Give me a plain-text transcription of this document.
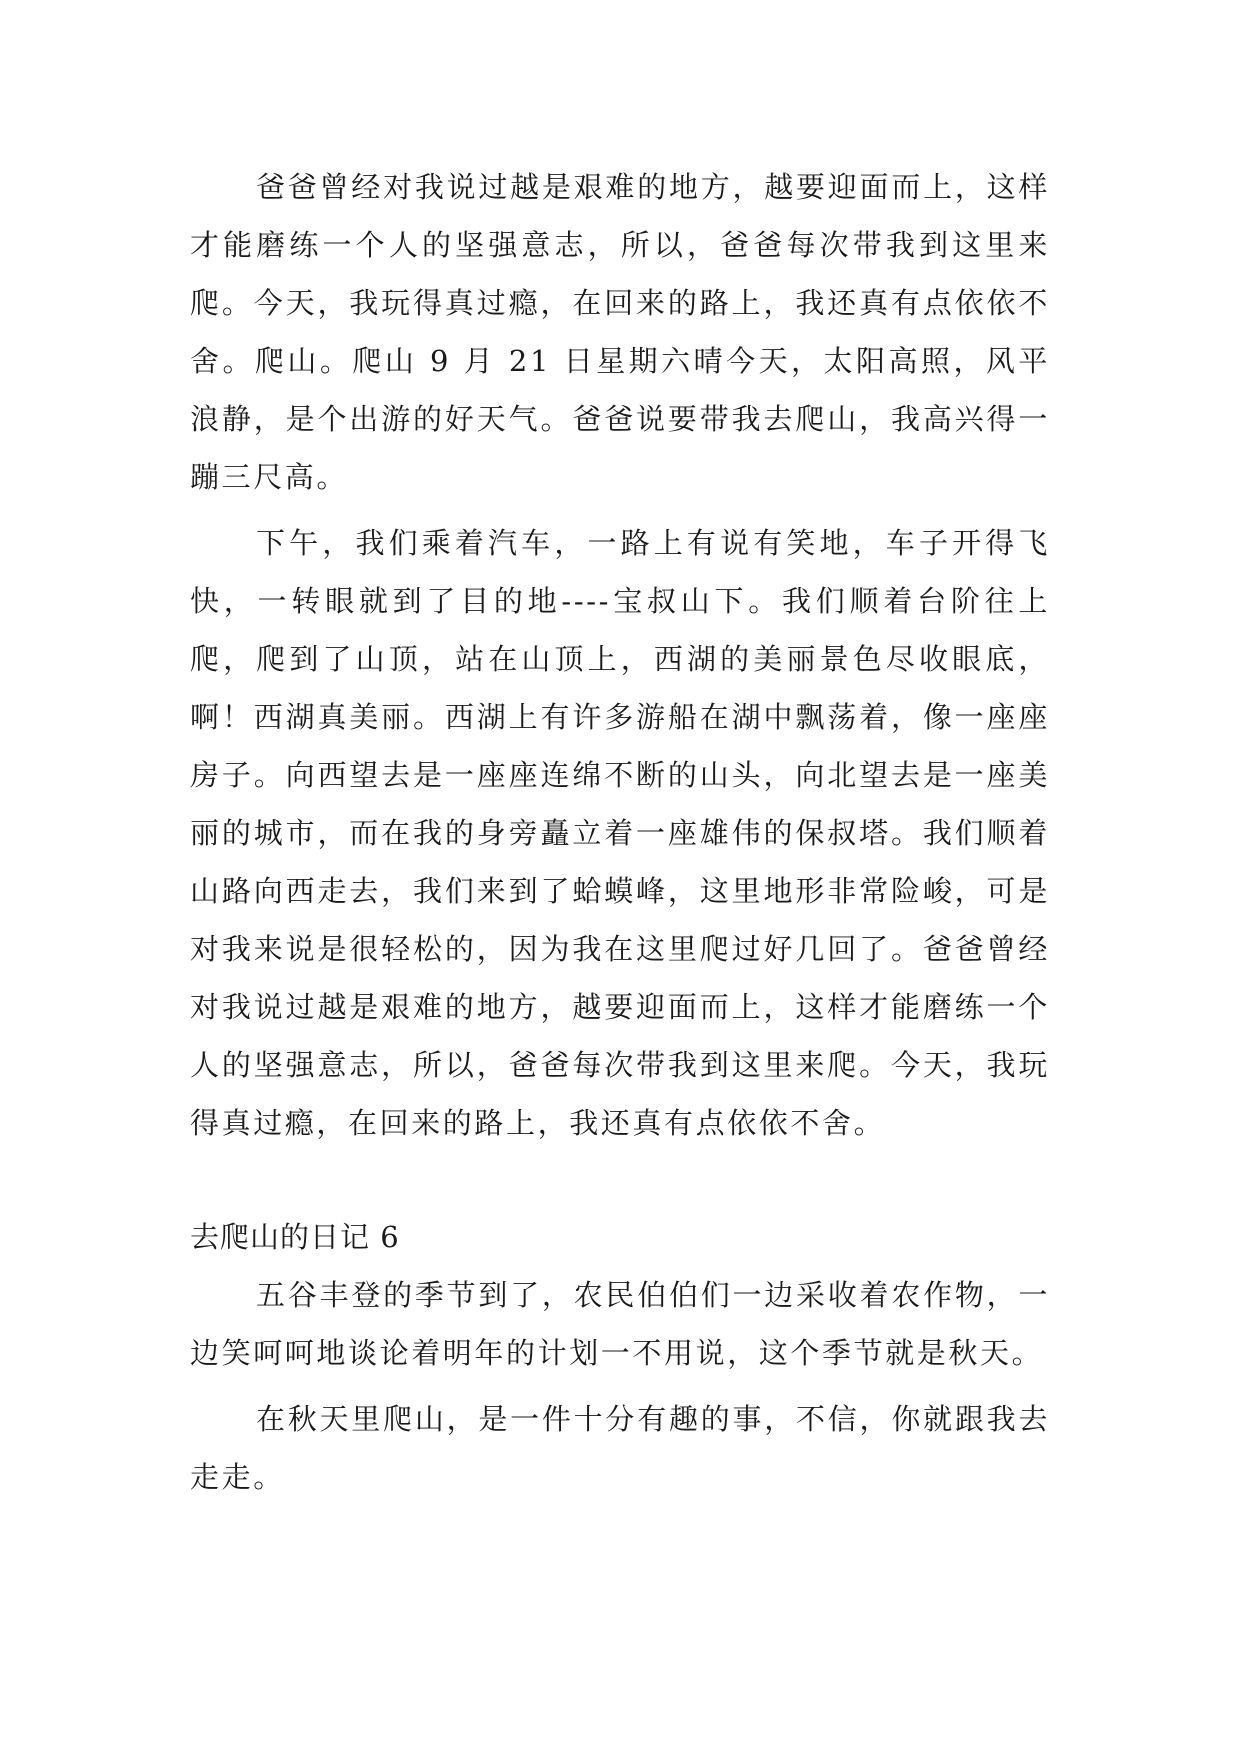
爸爸曾经对我说过越是艰难的地方，越要迎面而上，这样才能磨练一个人的坚强意志，所以，爸爸每次带我到这里来爬。今天，我玩得真过瘾，在回来的路上，我还真有点依依不舍。爬山。爬山 9 月 21 日星期六晴今天，太阳高照，风平浪静，是个出游的好天气。爸爸说要带我去爬山，我高兴得一蹦三尺高。

下午，我们乘着汽车，一路上有说有笑地，车子开得飞快，一转眼就到了目的地----宝叔山下。我们顺着台阶往上爬，爬到了山顶，站在山顶上，西湖的美丽景色尽收眼底，啊！西湖真美丽。西湖上有许多游船在湖中飘荡着，像一座座房子。向西望去是一座座连绵不断的山头，向北望去是一座美丽的城市，而在我的身旁矗立着一座雄伟的保叔塔。我们顺着山路向西走去，我们来到了蛤蟆峰，这里地形非常险峻，可是对我来说是很轻松的，因为我在这里爬过好几回了。爸爸曾经对我说过越是艰难的地方，越要迎面而上，这样才能磨练一个人的坚强意志，所以，爸爸每次带我到这里来爬。今天，我玩得真过瘾，在回来的路上，我还真有点依依不舍。

去爬山的日记 6

五谷丰登的季节到了，农民伯伯们一边采收着农作物，一边笑呵呵地谈论着明年的计划一不用说，这个季节就是秋天。

在秋天里爬山，是一件十分有趣的事，不信，你就跟我去走走。
